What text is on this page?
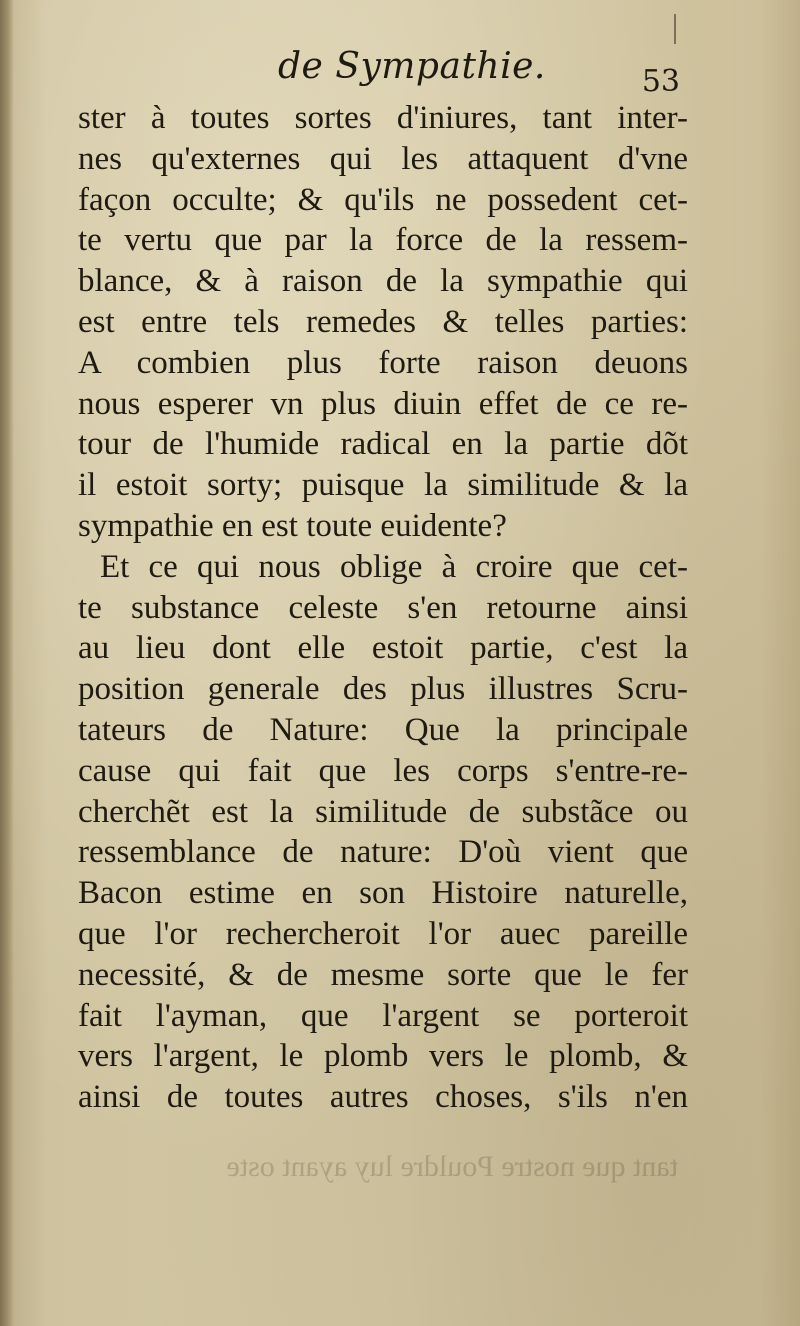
de Sympathie.	53
ster à toutes sortes d'iniures, tant inter-
nes qu'externes qui les attaquent d'vne
façon occulte; & qu'ils ne possedent cet-
te vertu que par la force de la ressem-
blance, & à raison de la sympathie qui
est entre tels remedes & telles parties:
A combien plus forte raison deuons
nous esperer vn plus diuin effet de ce re-
tour de l'humide radical en la partie dõt
il estoit sorty; puisque la similitude & la
sympathie en est toute euidente?
Et ce qui nous oblige à croire que cet-
te substance celeste s'en retourne ainsi
au lieu dont elle estoit partie, c'est la
position generale des plus illustres Scru-
tateurs de Nature: Que la principale
cause qui fait que les corps s'entre-re-
cherchẽt est la similitude de substãce ou
ressemblance de nature: D'où vient que
Bacon estime en son Histoire naturelle,
que l'or rechercheroit l'or auec pareille
necessité, & de mesme sorte que le fer
fait l'ayman, que l'argent se porteroit
vers l'argent, le plomb vers le plomb, &
ainsi de toutes autres choses, s'ils n'en
tant que nostre Pouldre luy ayant oste
